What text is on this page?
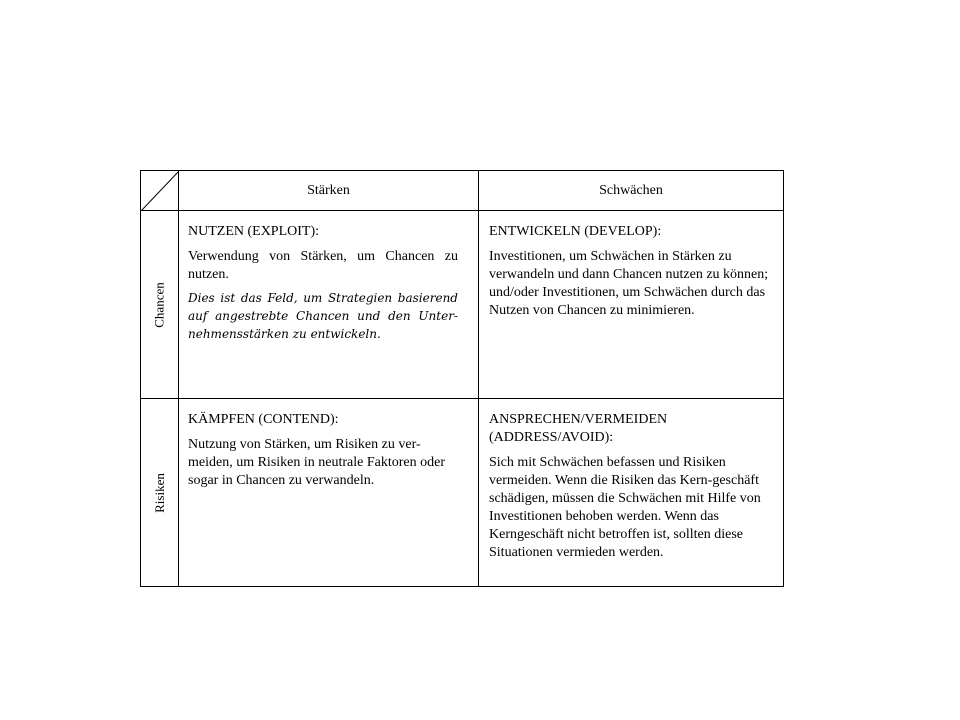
Stärken	Schwächen
Chancen
Risiken

NUTZEN (EXPLOIT):

Verwendung von Stärken, um Chancen zu nutzen.

Dies ist das Feld, um Strategien basierend auf angestrebte Chancen und den Unter-nehmensstärken zu entwickeln.

ENTWICKELN (DEVELOP):

Investitionen, um Schwächen in Stärken zu verwandeln und dann Chancen nutzen zu können; und/oder Investitionen, um Schwächen durch das Nutzen von Chancen zu minimieren.

KÄMPFEN (CONTEND):

Nutzung von Stärken, um Risiken zu ver-meiden, um Risiken in neutrale Faktoren oder sogar in Chancen zu verwandeln.

ANSPRECHEN/VERMEIDEN (ADDRESS/AVOID):

Sich mit Schwächen befassen und Risiken vermeiden. Wenn die Risiken das Kern-geschäft schädigen, müssen die Schwächen mit Hilfe von Investitionen behoben werden. Wenn das Kerngeschäft nicht betroffen ist, sollten diese Situationen vermieden werden.
